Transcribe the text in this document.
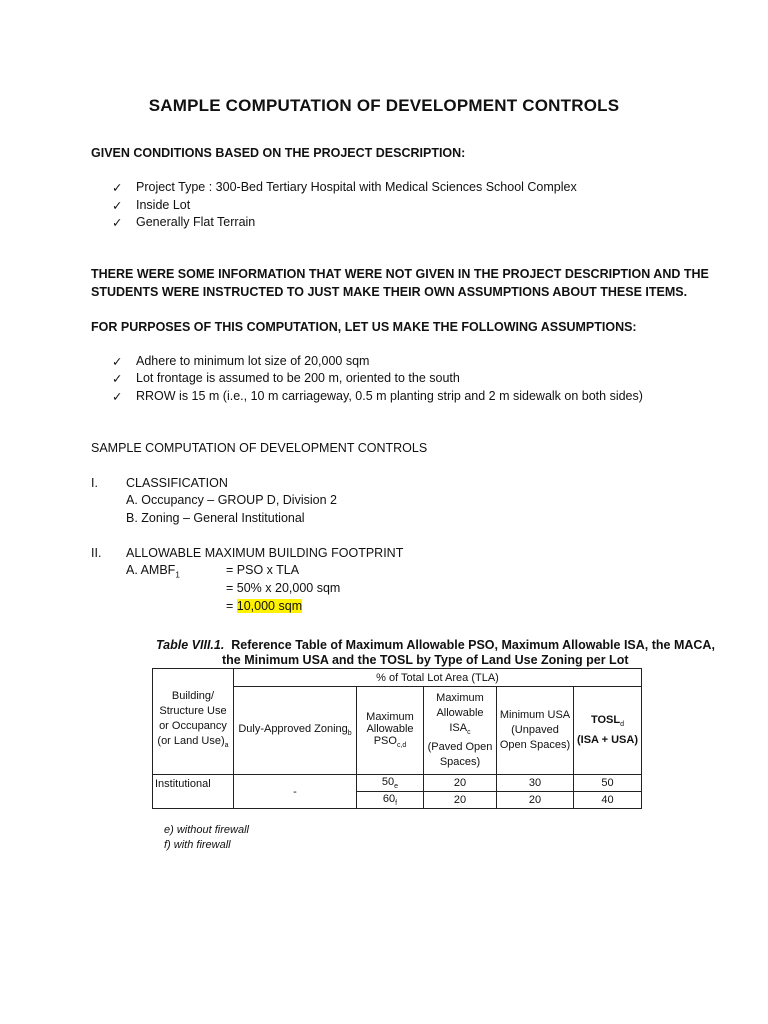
SAMPLE COMPUTATION OF DEVELOPMENT CONTROLS
GIVEN CONDITIONS BASED ON THE PROJECT DESCRIPTION:
✓ Project Type : 300-Bed Tertiary Hospital with Medical Sciences School Complex
✓ Inside Lot
✓ Generally Flat Terrain
THERE WERE SOME INFORMATION THAT WERE NOT GIVEN IN THE PROJECT DESCRIPTION AND THE
STUDENTS WERE INSTRUCTED TO JUST MAKE THEIR OWN ASSUMPTIONS ABOUT THESE ITEMS.
FOR PURPOSES OF THIS COMPUTATION, LET US MAKE THE FOLLOWING ASSUMPTIONS:
✓ Adhere to minimum lot size of 20,000 sqm
✓ Lot frontage is assumed to be 200 m, oriented to the south
✓ RROW is 15 m (i.e., 10 m carriageway, 0.5 m planting strip and 2 m sidewalk on both sides)
SAMPLE COMPUTATION OF DEVELOPMENT CONTROLS
I. CLASSIFICATION
A. Occupancy – GROUP D, Division 2
B. Zoning – General Institutional
II. ALLOWABLE MAXIMUM BUILDING FOOTPRINT
A. $AMBF_1$	= PSO x TLA
= 50% x 20,000 sqm
= 10,000 sqm
Table VIII.1. Reference Table of Maximum Allowable PSO, Maximum Allowable ISA, the MACA,
the Minimum USA and the TOSL by Type of Land Use Zoning per Lot
Building/ Structure Use or Occupancy (or Land $Use)_a$	% of Total Lot Area (TLA)				
	Duly-Approved Zoning$_b$	Maximum Allowable $PSO_{c,d}$	Maximum Allowable $ISA_c$
(Paved Open Spaces)	Minimum USA
(Unpaved Open Spaces)	$TOSL_d$
(ISA + USA)
Institutional	-	$50_e$	20	30	50
		$60_f$	20	20	40
e) without firewall
f) with firewall
